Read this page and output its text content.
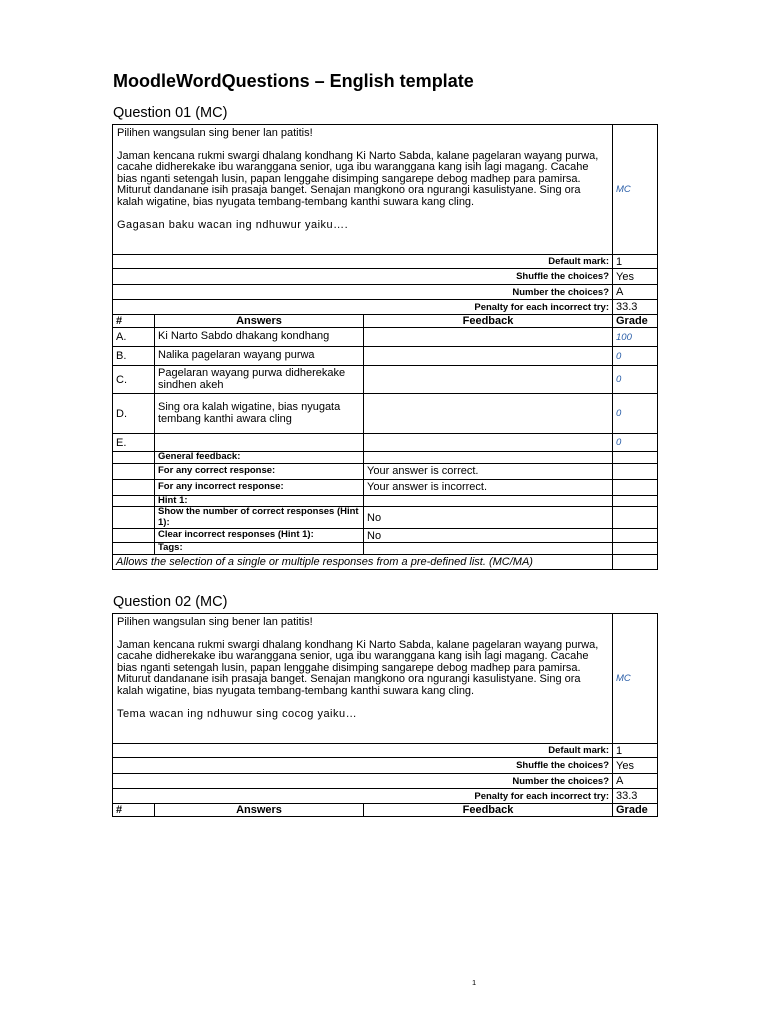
MoodleWordQuestions – English template
Question 01 (MC)

Pilihen wangsulan sing bener lan patitis!

Jaman kencana rukmi swargi dhalang kondhang Ki Narto Sabda, kalane pagelaran wayang purwa, cacahe didherekake ibu waranggana senior, uga ibu waranggana kang isih lagi magang. Cacahe bias nganti setengah lusin, papan lenggahe disimping sangarepe debog madhep para pamirsa. Miturut dandanane isih prasaja banget. Senajan mangkono ora ngurangi kasulistyane. Sing ora kalah wigatine, bias nyugata tembang-tembang kanthi suwara kang cling.

Gagasan baku wacan ing ndhuwur yaiku….			MC
Default mark:			1
Shuffle the choices?			Yes
Number the choices?			A
Penalty for each incorrect try:			33.3
#	Answers	Feedback	Grade
A.	Ki Narto Sabdo dhakang kondhang		100
B.	Nalika pagelaran wayang purwa		0
C.	Pagelaran wayang purwa didherekake sindhen akeh		0
D.	Sing ora kalah wigatine, bias nyugata tembang kanthi awara cling		0
E.			0
	General feedback:		
	For any correct response:	Your answer is correct.	
	For any incorrect response:	Your answer is incorrect.	
	Hint 1:		
	Show the number of correct responses (Hint 1):	No	
	Clear incorrect responses (Hint 1):	No	
	Tags:		
Allows the selection of a single or multiple responses from a pre-defined list. (MC/MA)			
Question 02 (MC)

Pilihen wangsulan sing bener lan patitis!

Jaman kencana rukmi swargi dhalang kondhang Ki Narto Sabda, kalane pagelaran wayang purwa, cacahe didherekake ibu waranggana senior, uga ibu waranggana kang isih lagi magang. Cacahe bias nganti setengah lusin, papan lenggahe disimping sangarepe debog madhep para pamirsa. Miturut dandanane isih prasaja banget. Senajan mangkono ora ngurangi kasulistyane. Sing ora kalah wigatine, bias nyugata tembang-tembang kanthi suwara kang cling.

Tema wacan ing ndhuwur sing cocog yaiku…			MC
Default mark:			1
Shuffle the choices?			Yes
Number the choices?			A
Penalty for each incorrect try:			33.3
#	Answers	Feedback	Grade
1
